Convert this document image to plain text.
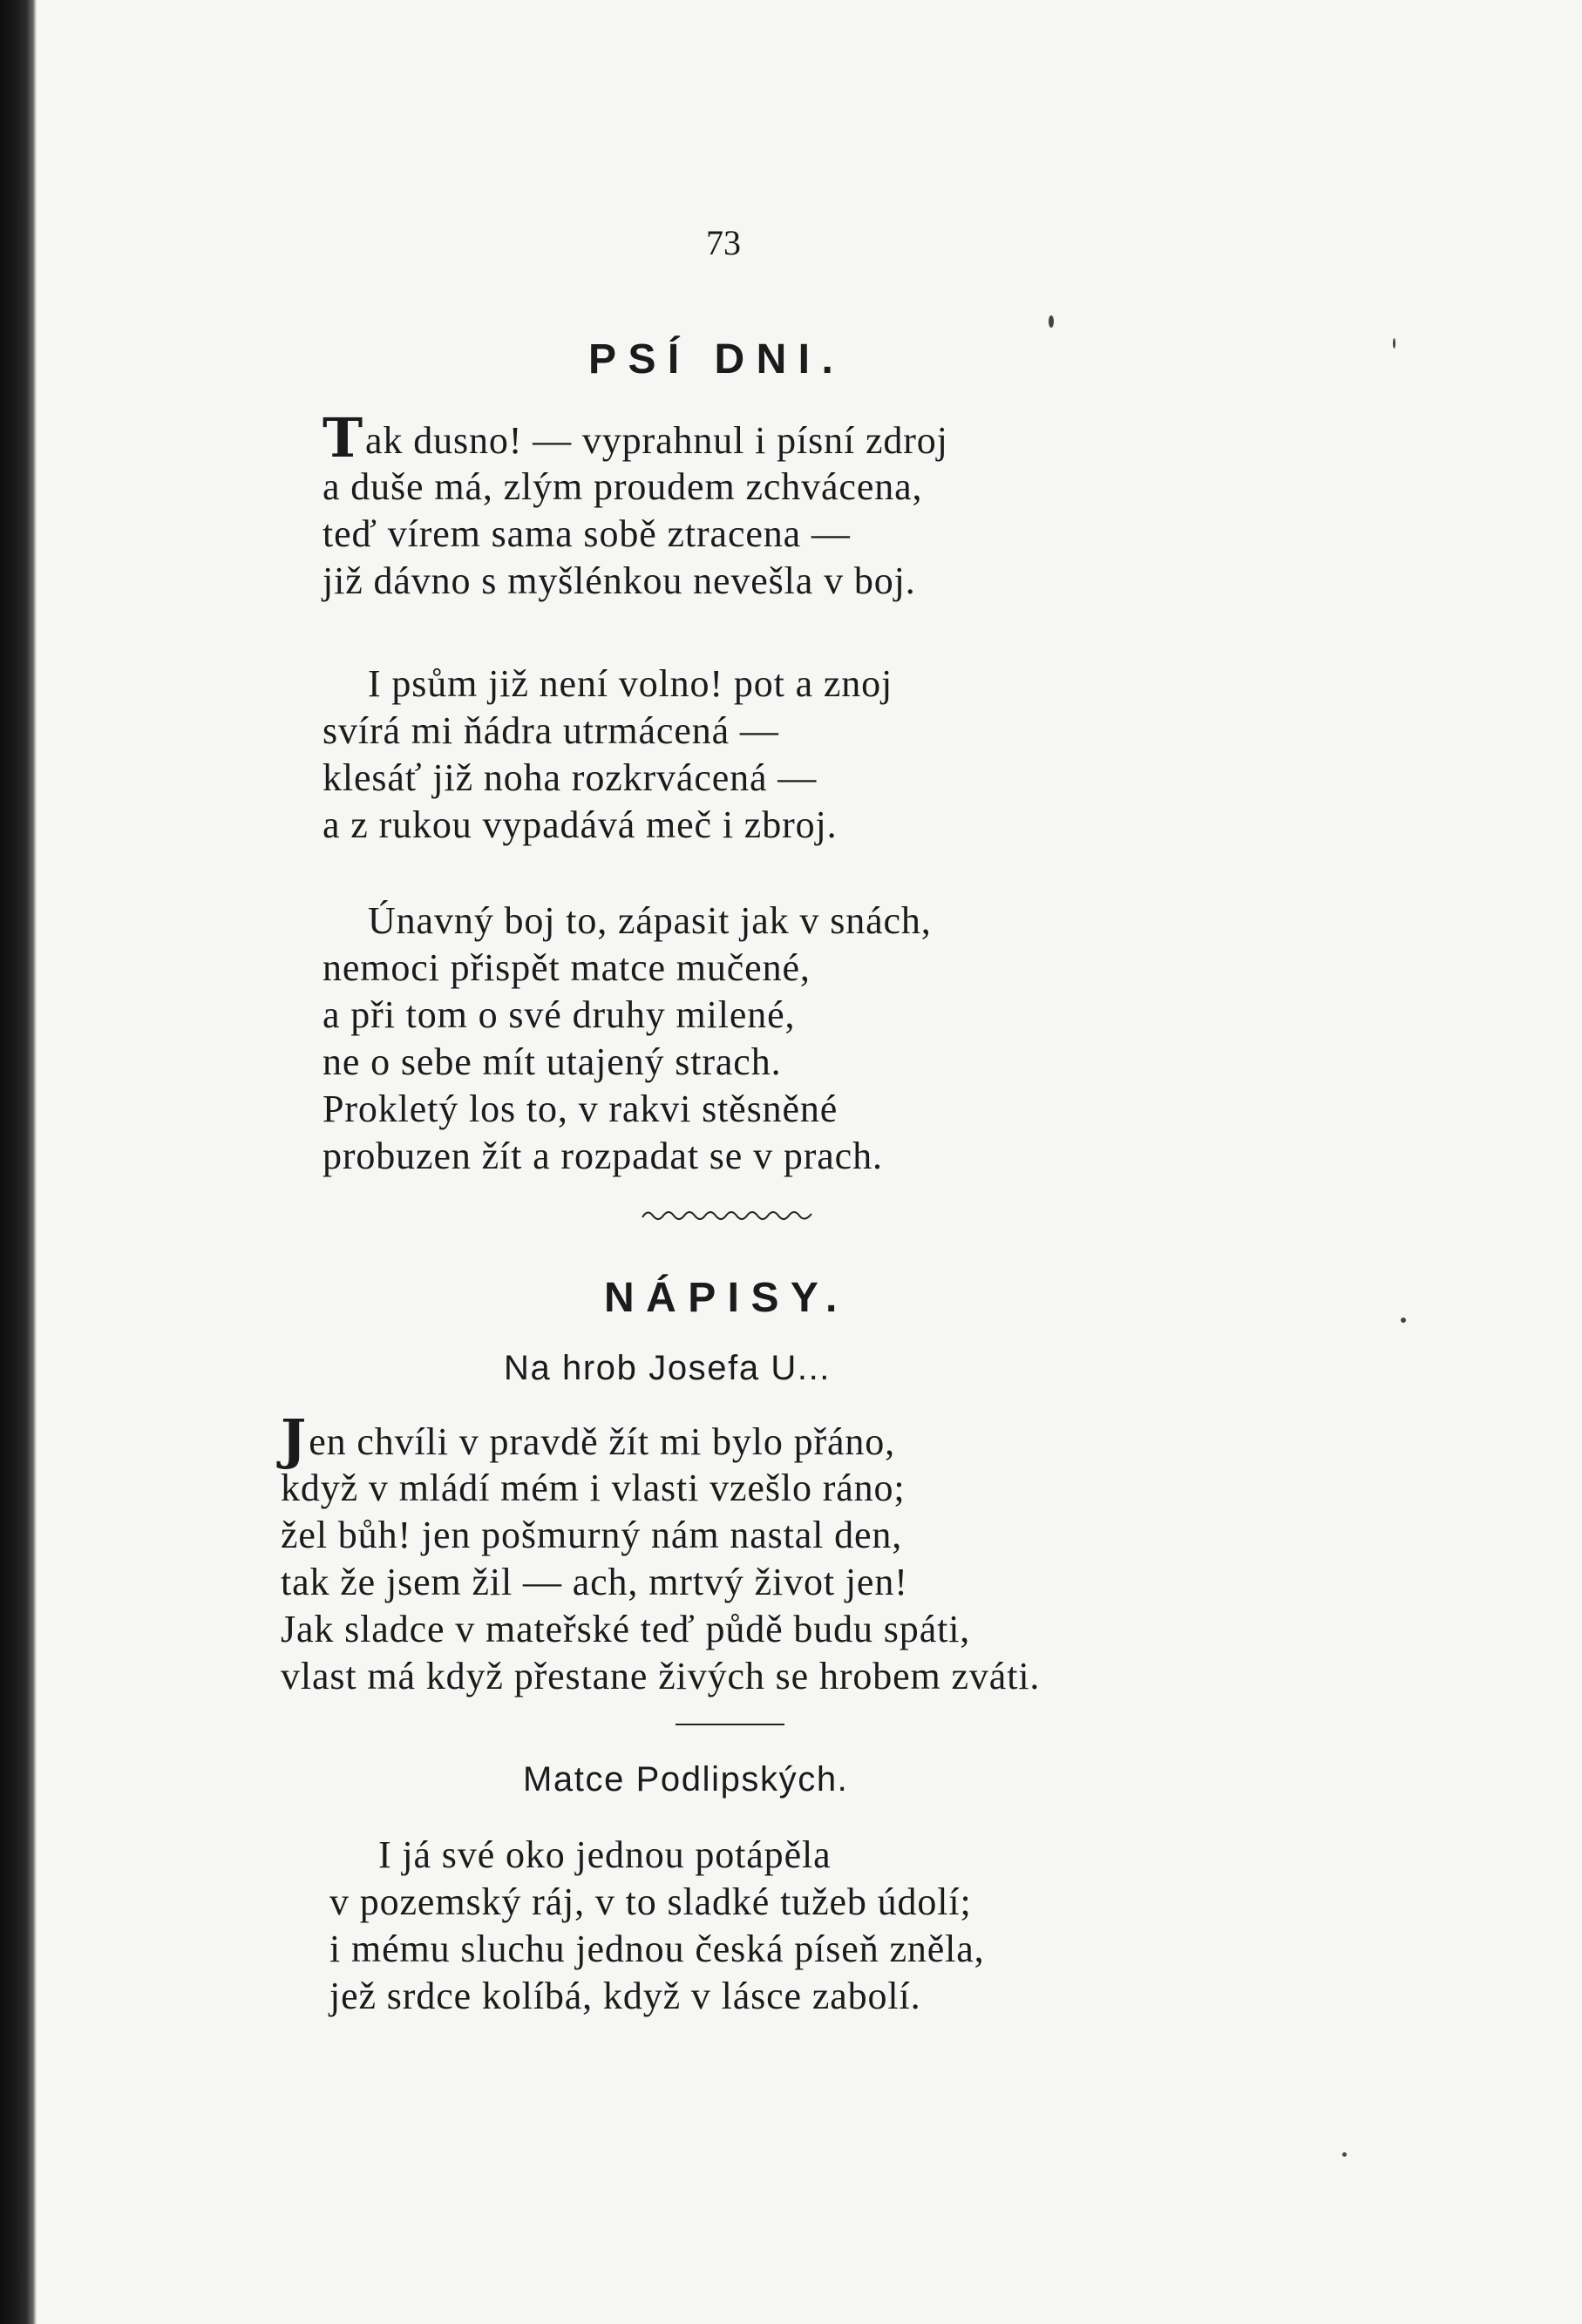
73
PSÍ DNI.
Tak dusno! — vyprahnul i písní zdroj
a duše má, zlým proudem zchvácena,
teď vírem sama sobě ztracena —
již dávno s myšlénkou nevešla v boj.
I psům již není volno! pot a znoj
svírá mi ňádra utrmácená —
klesáť již noha rozkrvácená —
a z rukou vypadává meč i zbroj.
Únavný boj to, zápasit jak v snách,
nemoci přispět matce mučené,
a při tom o své druhy milené,
ne o sebe mít utajený strach.
Prokletý los to, v rakvi stěsněné
probuzen žít a rozpadat se v prach.
NÁPISY.
Na hrob Josefa U...
Jen chvíli v pravdě žít mi bylo přáno,
když v mládí mém i vlasti vzešlo ráno;
žel bůh! jen pošmurný nám nastal den,
tak že jsem žil — ach, mrtvý život jen!
Jak sladce v mateřské teď půdě budu spáti,
vlast má když přestane živých se hrobem zváti.
Matce Podlipských.
I já své oko jednou potápěla
v pozemský ráj, v to sladké tužeb údolí;
i mému sluchu jednou česká píseň zněla,
jež srdce kolíbá, když v lásce zabolí.
